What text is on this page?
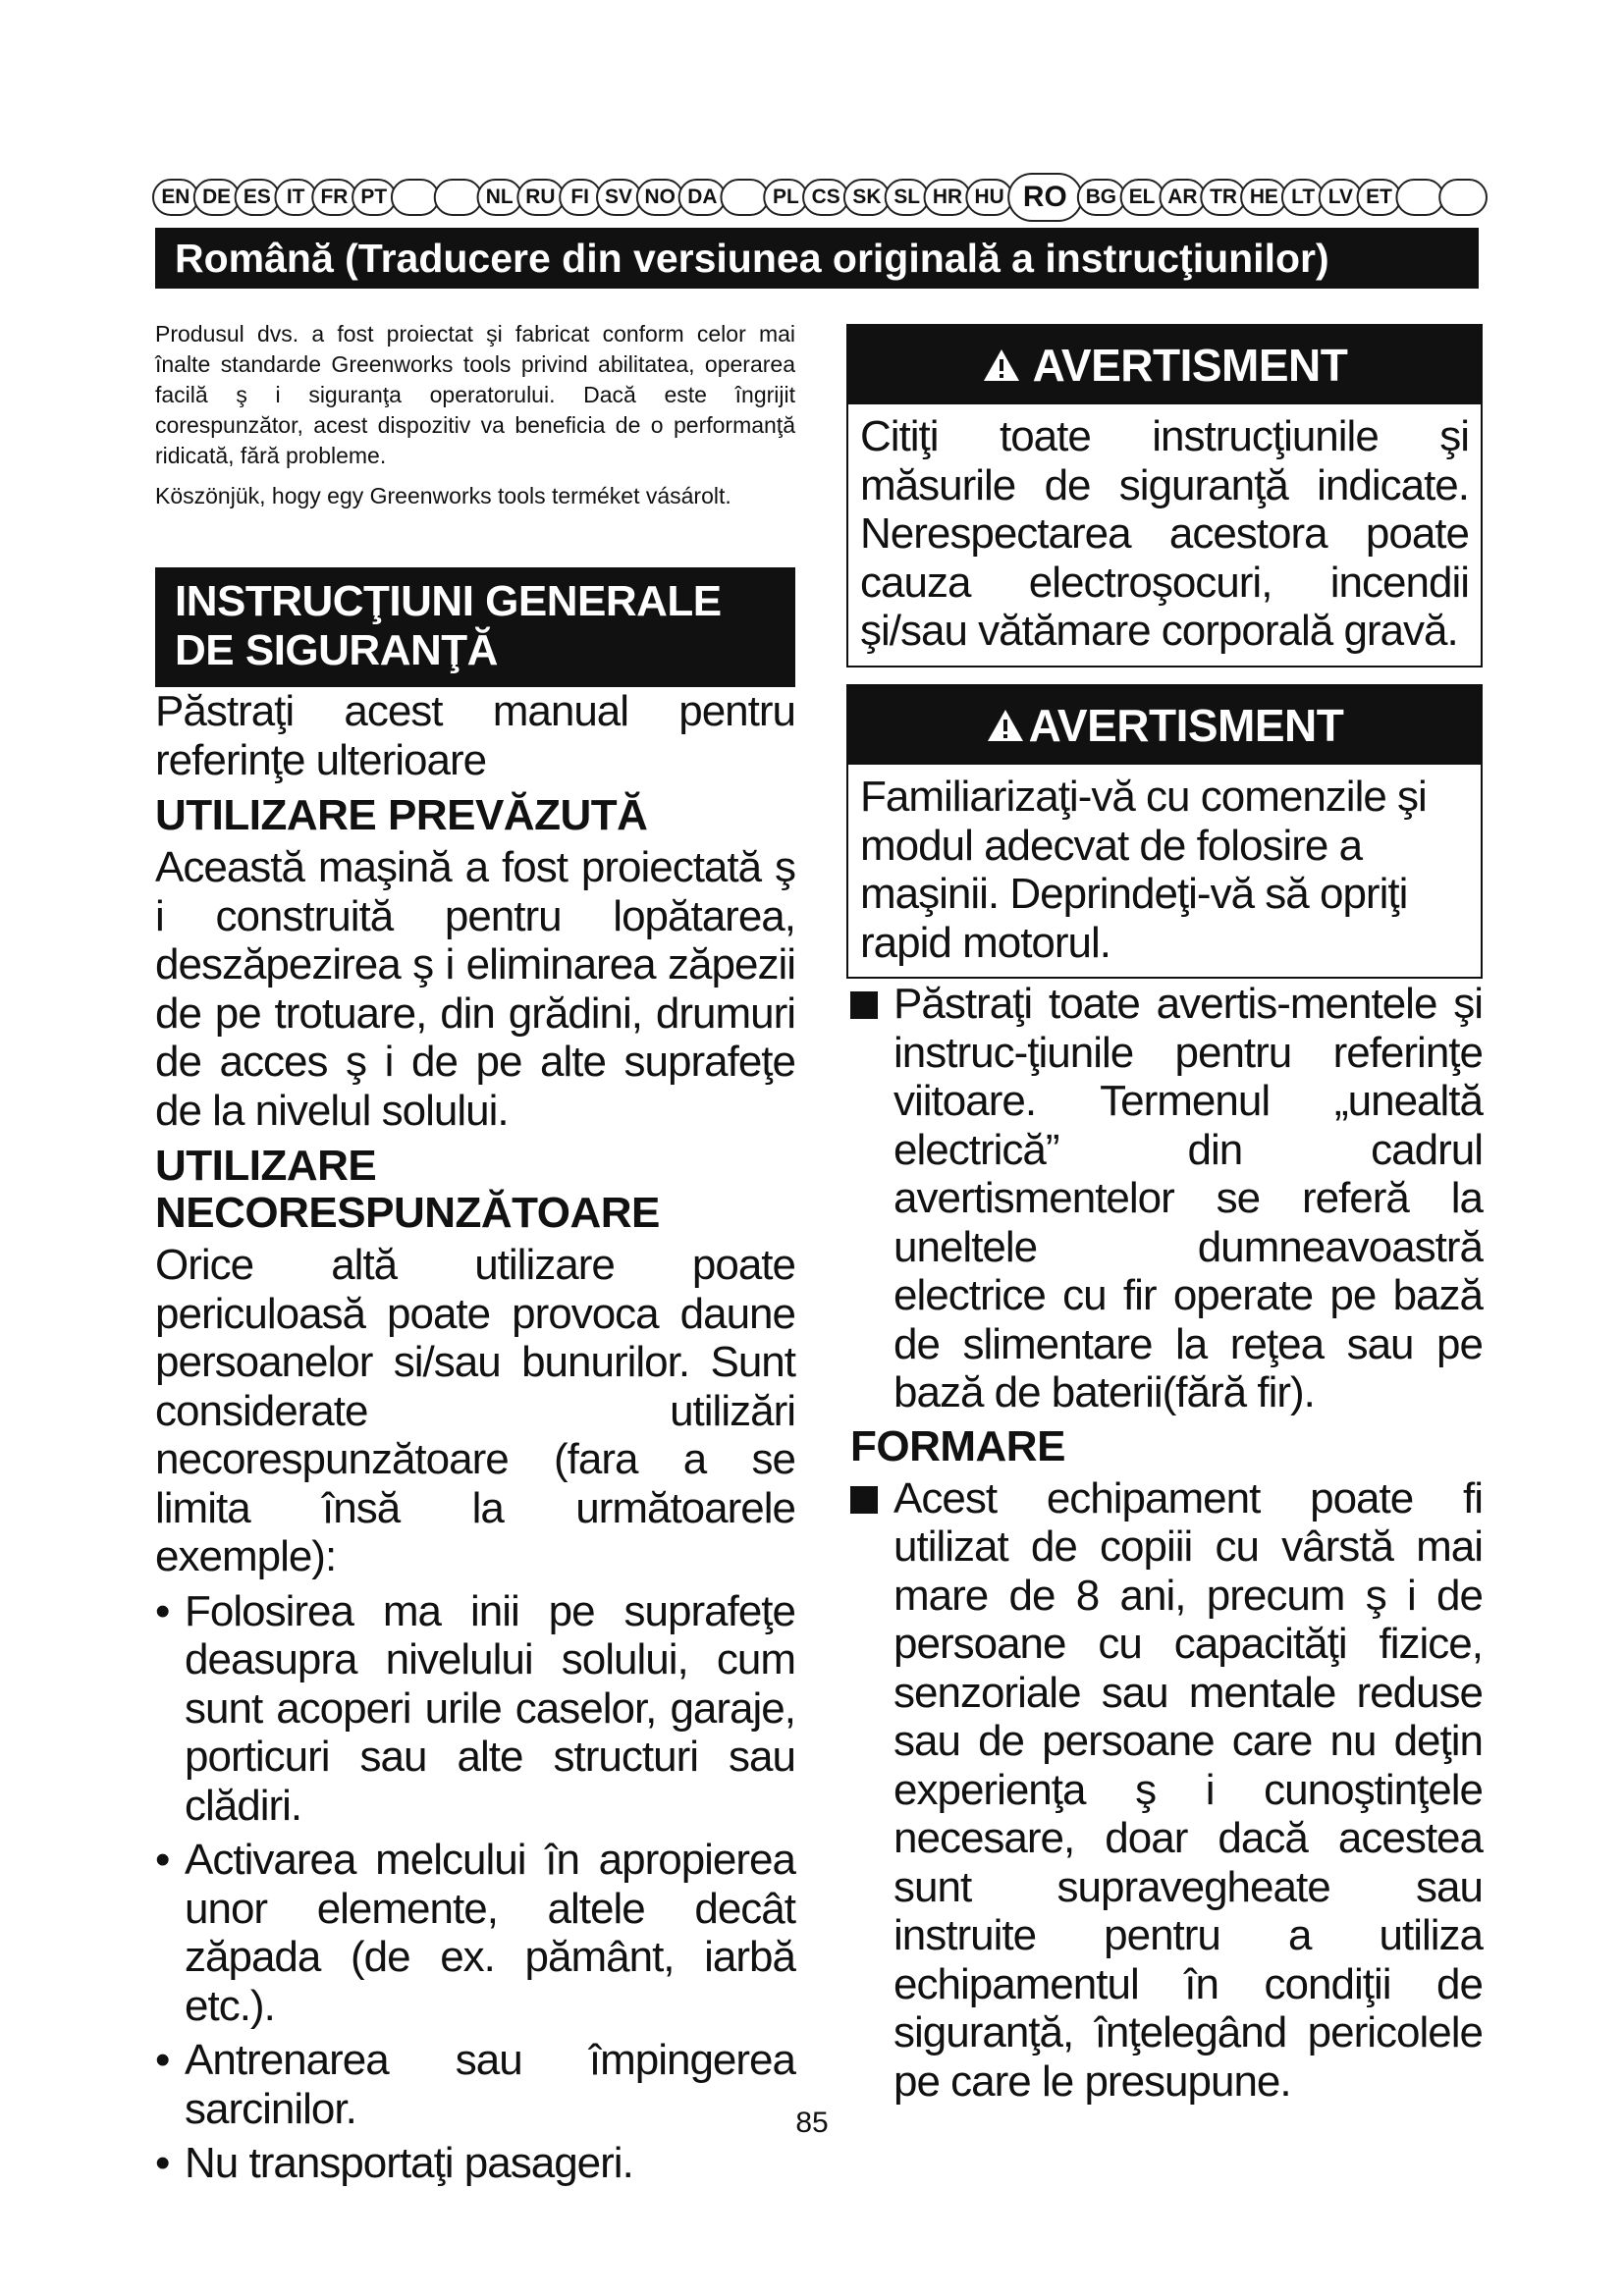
EN DE ES IT FR PT	NL RU FI SV NO DA	PL CS SK SL HR HU RO BG EL AR TR HE LT LV ET
Română (Traducere din versiunea originală a instrucţiunilor)

Produsul dvs. a fost proiectat şi fabricat conform celor mai înalte standarde Greenworks tools privind abilitatea, operarea facilă ş i siguranţa operatorului. Dacă este îngrijit corespunzător, acest dispozitiv va beneficia de o performanţă ridicată, fără probleme.

Köszönjük, hogy egy Greenworks tools terméket vásárolt.

INSTRUCŢIUNI GENERALE DE SIGURANŢĂ
Păstraţi acest manual pentru referinţe ulterioare
UTILIZARE PREVĂZUTĂ
Această maşină a fost proiectată ş i construită pentru lopătarea, deszăpezirea ş i eliminarea zăpezii de pe trotuare, din grădini, drumuri de acces ş i de pe alte suprafeţe de la nivelul solului.
UTILIZARE NECORESPUNZĂTOARE
Orice altă utilizare poate periculoasă poate provoca daune persoanelor si/sau bunurilor. Sunt considerate utilizări necorespunzătoare (fara a se limita însă la următoarele exemple):
• Folosirea ma inii pe suprafeţe deasupra nivelului solului, cum sunt acoperi urile caselor, garaje, porticuri sau alte structuri sau clădiri.
• Activarea melcului în apropierea unor elemente, altele decât zăpada (de ex. pământ, iarbă etc.).
• Antrenarea sau împingerea sarcinilor.
• Nu transportaţi pasageri.
AVERTISMENT
Citiţi toate instrucţiunile şi măsurile de siguranţă indicate. Nerespectarea acestora poate cauza electroşocuri, incendii şi/sau vătămare corporală gravă.
AVERTISMENT
Familiarizaţi-vă cu comenzile şi modul adecvat de folosire a maşinii. Deprindeţi-vă să opriţi rapid motorul.
Păstraţi toate avertis-mentele şi instruc-ţiunile pentru referinţe viitoare. Termenul „unealtă electrică” din cadrul avertismentelor se referă la uneltele dumneavoastră electrice cu fir operate pe bază de slimentare la reţea sau pe bază de baterii(fără fir).
FORMARE
Acest echipament poate fi utilizat de copiii cu vârstă mai mare de 8 ani, precum ş i de persoane cu capacităţi fizice, senzoriale sau mentale reduse sau de persoane care nu deţin experienţa ş i cunoştinţele necesare, doar dacă acestea sunt supravegheate sau instruite pentru a utiliza echipamentul în condiţii de siguranţă, înţelegând pericolele pe care le presupune.
85
